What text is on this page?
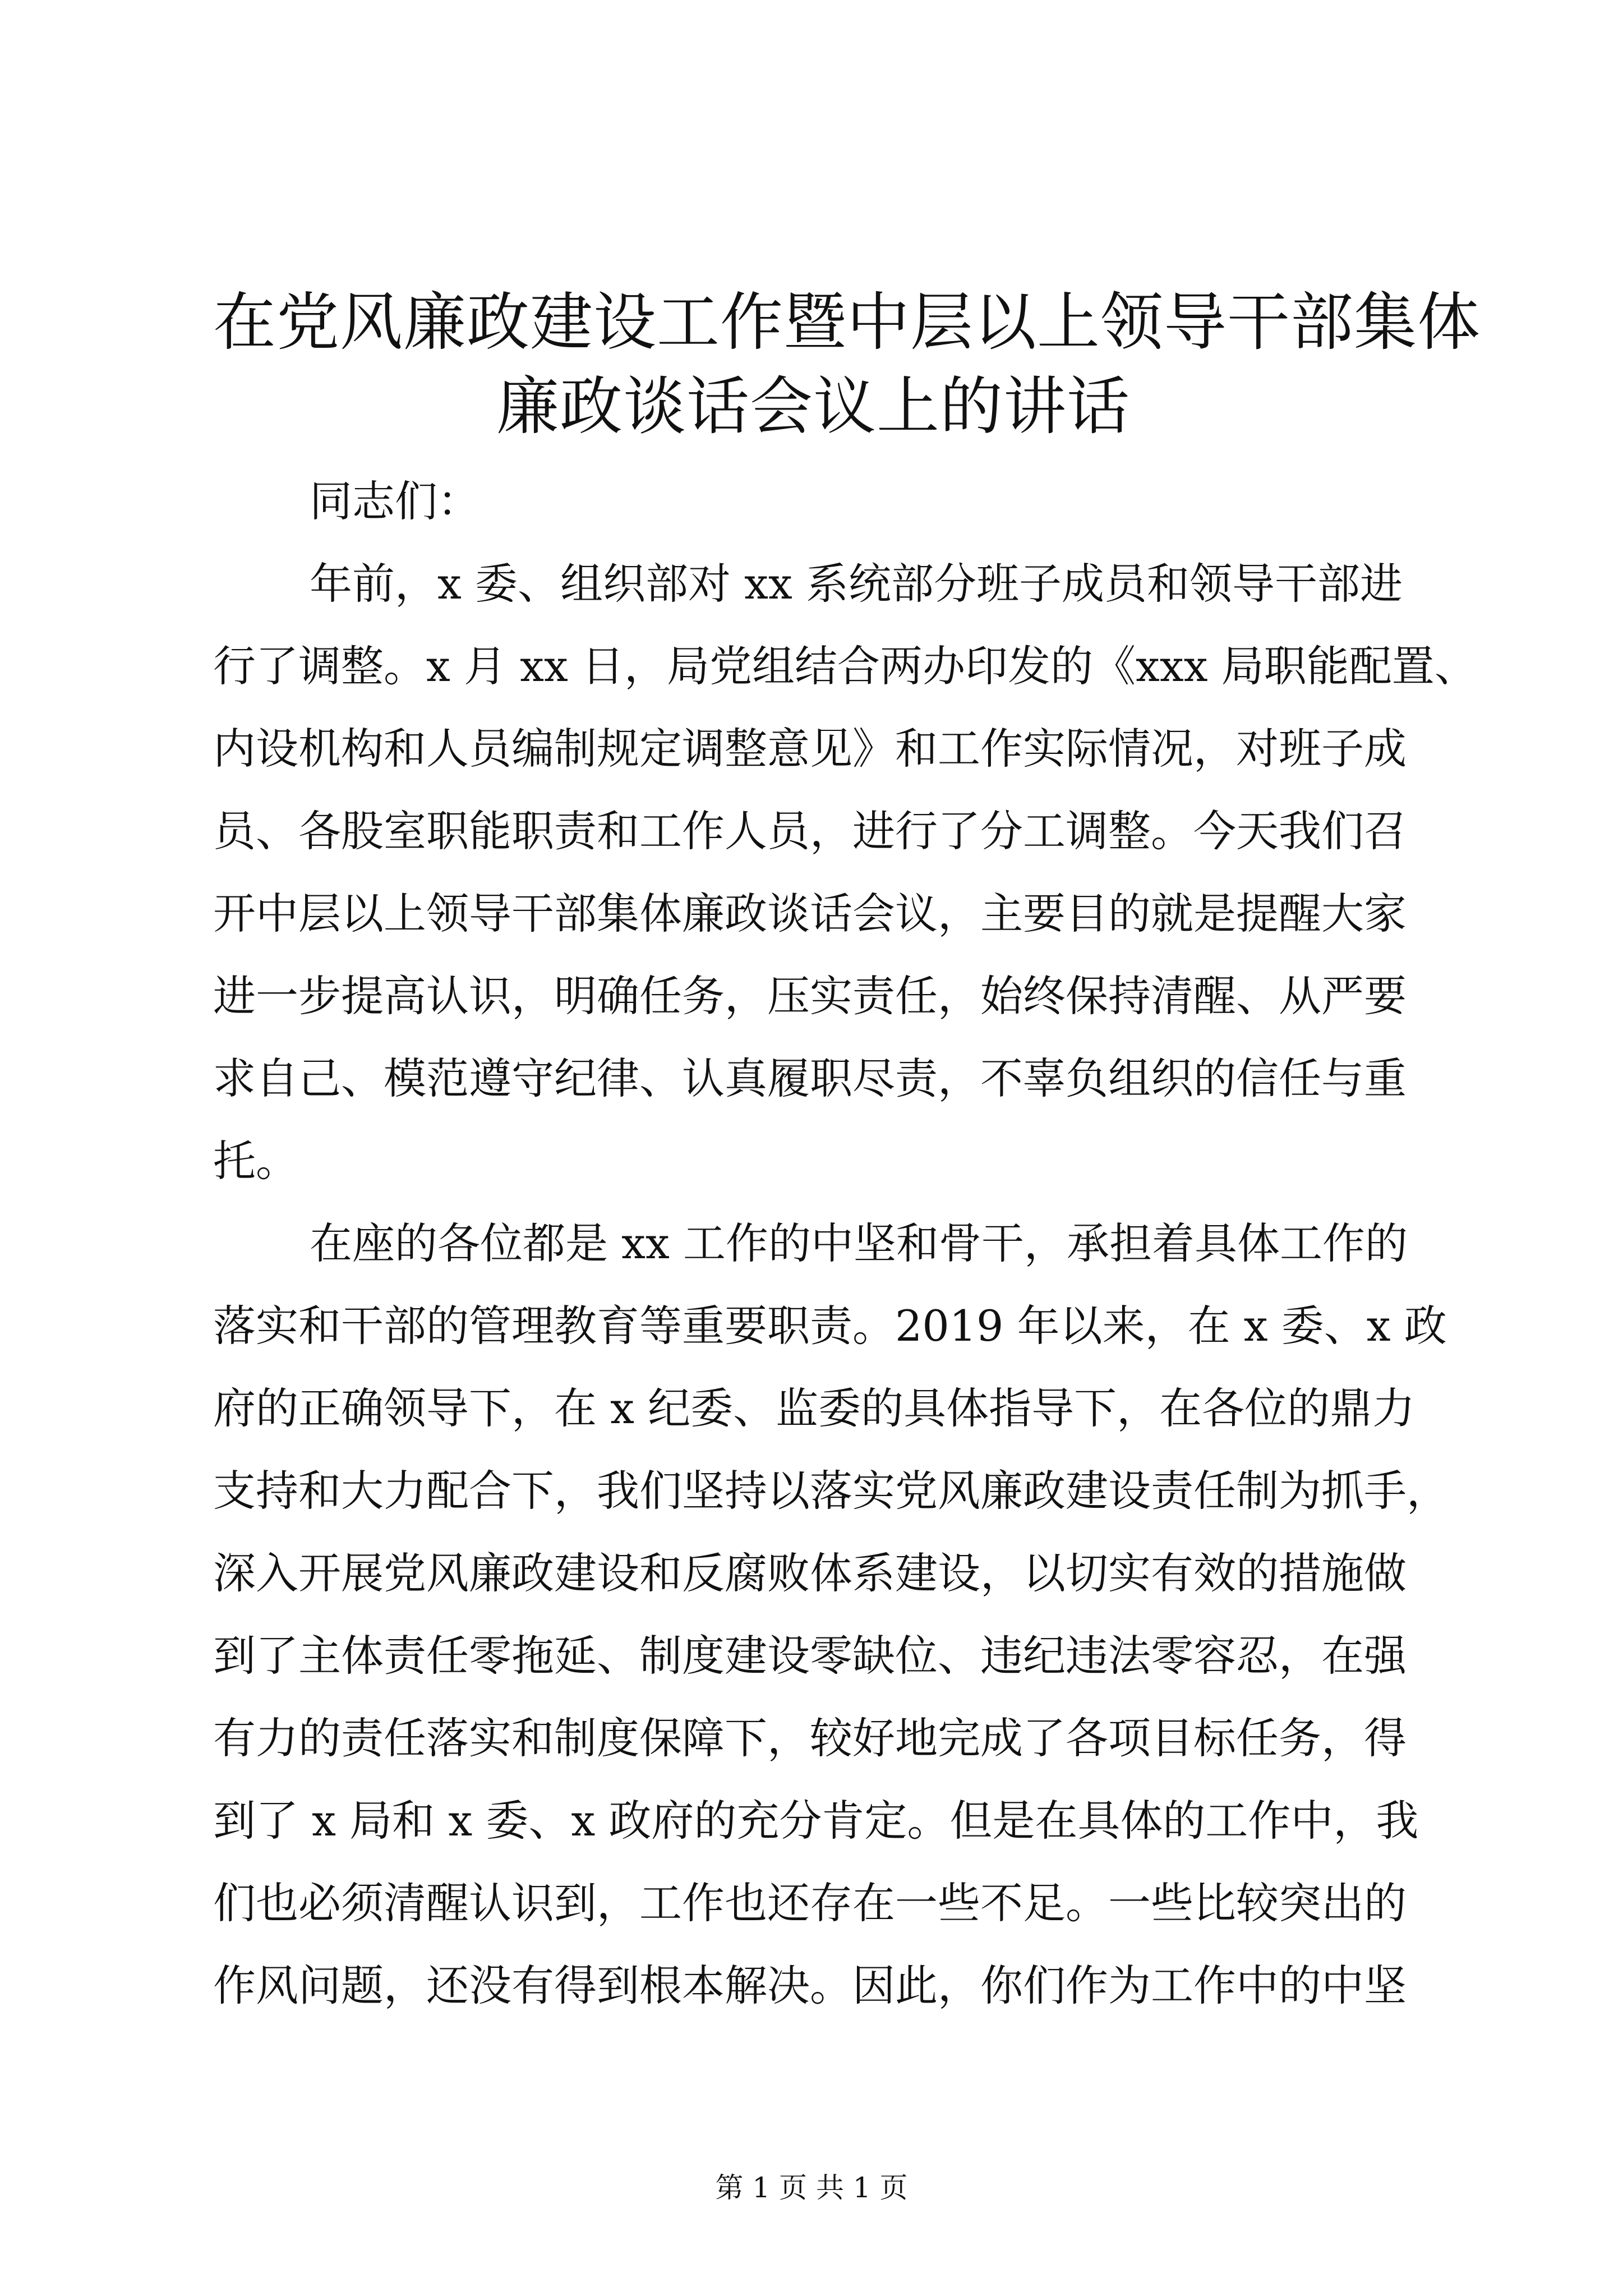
在党风廉政建设工作暨中层以上领导干部集体
廉政谈话会议上的讲话

同志们：

年前，x 委、组织部对 xx 系统部分班子成员和领导干部进
行了调整。x 月 xx 日，局党组结合两办印发的《xxx 局职能配置、
内设机构和人员编制规定调整意见》和工作实际情况，对班子成
员、各股室职能职责和工作人员，进行了分工调整。今天我们召
开中层以上领导干部集体廉政谈话会议，主要目的就是提醒大家
进一步提高认识，明确任务，压实责任，始终保持清醒、从严要
求自己、模范遵守纪律、认真履职尽责，不辜负组织的信任与重
托。

在座的各位都是 xx 工作的中坚和骨干，承担着具体工作的
落实和干部的管理教育等重要职责。2019 年以来，在 x 委、x 政
府的正确领导下，在 x 纪委、监委的具体指导下，在各位的鼎力
支持和大力配合下，我们坚持以落实党风廉政建设责任制为抓手，
深入开展党风廉政建设和反腐败体系建设，以切实有效的措施做
到了主体责任零拖延、制度建设零缺位、违纪违法零容忍，在强
有力的责任落实和制度保障下，较好地完成了各项目标任务，得
到了 x 局和 x 委、x 政府的充分肯定。但是在具体的工作中，我
们也必须清醒认识到，工作也还存在一些不足。一些比较突出的
作风问题，还没有得到根本解决。因此，你们作为工作中的中坚

第 1 页 共 1 页
